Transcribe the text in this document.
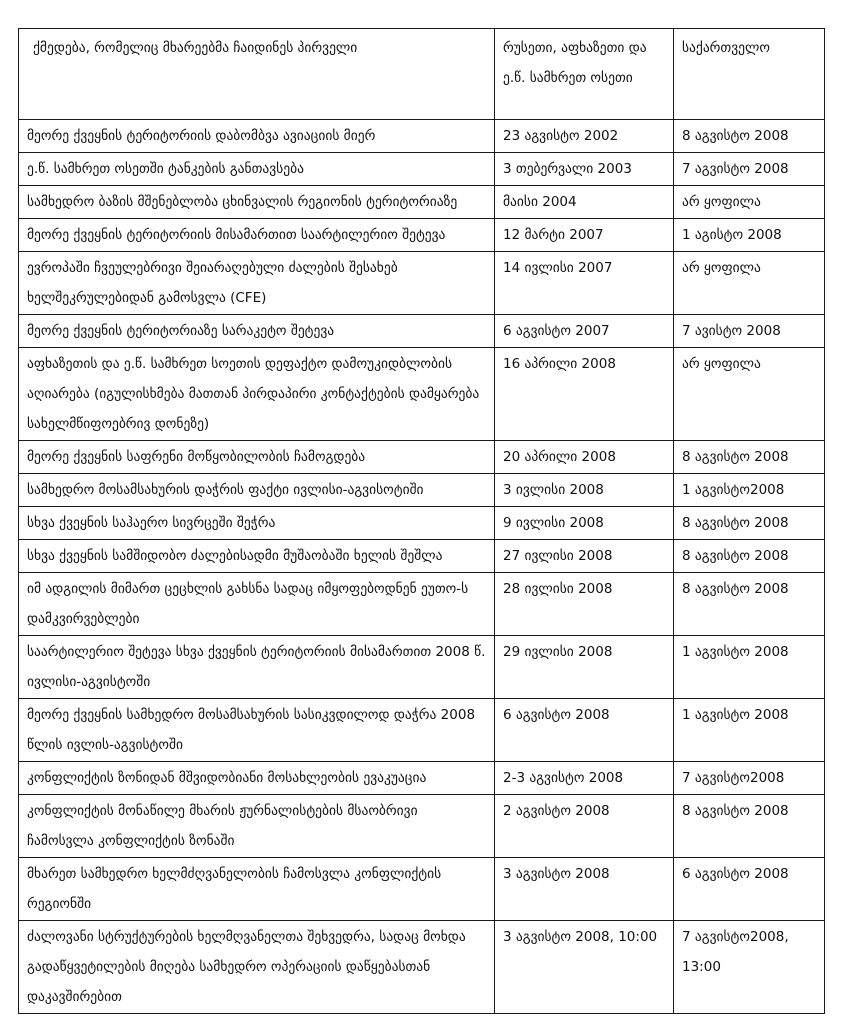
ქმედება, რომელიც მხარეებმა ჩაიდინეს პირველი	რუსეთი, აფხაზეთი და ე.წ. სამხრეთ ოსეთი	საქართველო
მეორე ქვეყნის ტერიტორიის დაბომბვა ავიაციის მიერ	23 აგვისტო 2002	8 აგვისტო 2008
ე.წ. სამხრეთ ოსეთში ტანკების განთავსება	3 თებერვალი 2003	7 აგვისტო 2008
სამხედრო ბაზის მშენებლობა ცხინვალის რეგიონის ტერიტორიაზე	მაისი 2004	არ ყოფილა
მეორე ქვეყნის ტერიტორიის მისამართით საარტილერიო შეტევა	12 მარტი 2007	1 აგისტო 2008
ევროპაში ჩვეულებრივი შეიარაღებული ძალების შესახებ ხელშეკრულებიდან გამოსვლა (CFE)	14 ივლისი 2007	არ ყოფილა
მეორე ქვეყნის ტერიტორიაზე სარაკეტო შეტევა	6 აგვისტო 2007	7 ავისტო 2008
აფხაზეთის და ე.წ. სამხრეთ სოეთის დეფაქტო დამოუკიდბლობის აღიარება (იგულისხმება მათთან პირდაპირი კონტაქტების დამყარება სახელმწიფოებრივ დონეზე)	16 აპრილი 2008	არ ყოფილა
მეორე ქვეყნის საფრენი მოწყობილობის ჩამოგდება	20 აპრილი 2008	8 აგვისტო 2008
სამხედრო მოსამსახურის დაჭრის ფაქტი ივლისი-აგვისოტიში	3 ივლისი 2008	1 აგვისტო2008
სხვა ქვეყნის საჰაერო სივრცეში შეჭრა	9 ივლისი 2008	8 აგვისტო 2008
სხვა ქვეყნის სამშიდობო ძალებისადმი მუშაობაში ხელის შეშლა	27 ივლისი 2008	8 აგვისტო 2008
იმ ადგილის მიმართ ცეცხლის გახსნა სადაც იმყოფებოდნენ ეუთო-ს დამკვირვებლები	28 ივლისი 2008	8 აგვისტო 2008
საარტილერიო შეტევა სხვა ქვეყნის ტერიტორიის მისამართით 2008 წ. ივლისი-აგვისტოში	29 ივლისი 2008	1 აგვისტო 2008
მეორე ქვეყნის სამხედრო მოსამსახურის სასიკვდილოდ დაჭრა 2008 წლის ივლის-აგვისტოში	6 აგვისტო 2008	1 აგვისტო 2008
კონფლიქტის ზონიდან მშვიდობიანი მოსახლეობის ევაკუაცია	2-3 აგვისტო 2008	7 აგვისტო2008
კონფლიქტის მონაწილე მხარის ჟურნალისტების მსაობრივი ჩამოსვლა კონფლიქტის ზონაში	2 აგვისტო 2008	8 აგვისტო 2008
მხარეთ სამხედრო ხელმძღვანელობის ჩამოსვლა კონფლიქტის რეგიონში	3 აგვისტო 2008	6 აგვისტო 2008
ძალოვანი სტრუქტურების ხელმღვანელთა შეხვედრა, სადაც მოხდა გადაწყვეტილების მიღება სამხედრო ოპერაციის დაწყებასთან დაკავშირებით	3 აგვისტო 2008, 10:00	7 აგვისტო2008, 13:00
